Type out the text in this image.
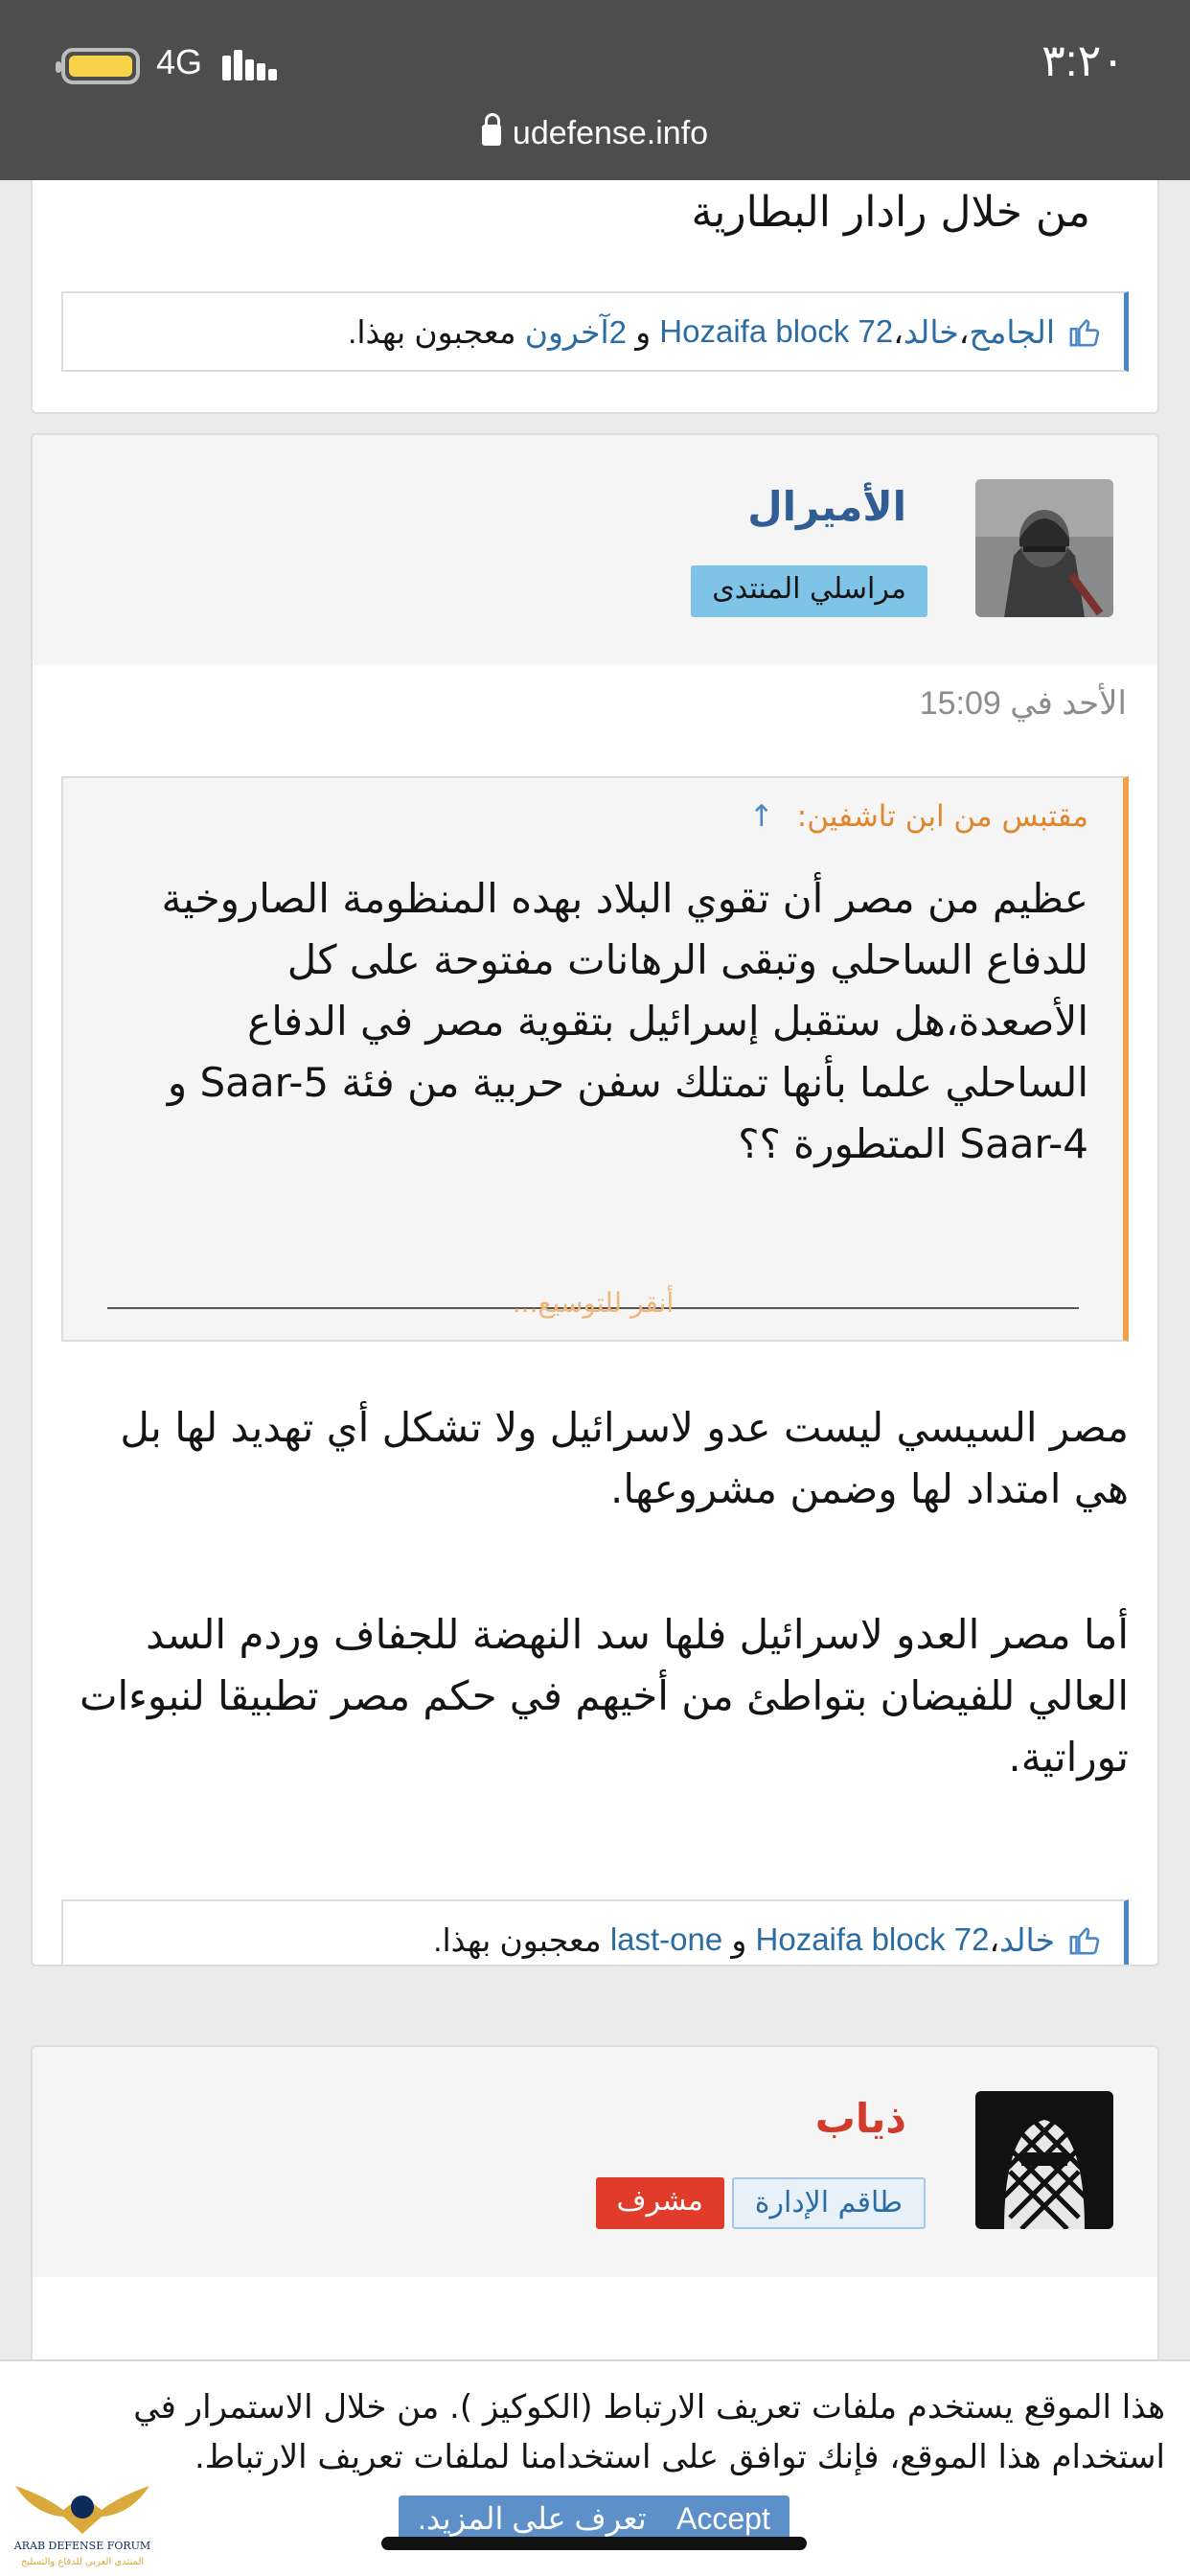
4G	٣:٢٠
udefense.info
من خلال رادار البطارية
الجامح
،
خالد
،
Hozaifa block 72

و

2آخرون

معجبون بهذا.
الأميرال
مراسلي المنتدى
الأحد في 15:09
مقتبس من ابن تاشفين: ↑
عظيم من مصر أن تقوي البلاد بهده المنظومة الصاروخية للدفاع الساحلي وتبقى الرهانات مفتوحة على كل الأصعدة،هل ستقبل إسرائيل بتقوية مصر في الدفاع الساحلي علما بأنها تمتلك سفن حربية من فئة Saar-5 و Saar-4 المتطورة ؟؟
أنقر للتوسيع...
مصر السيسي ليست عدو لاسرائيل ولا تشكل أي تهديد لها بل هي امتداد لها وضمن مشروعها.
أما مصر العدو لاسرائيل فلها سد النهضة للجفاف وردم السد العالي للفيضان بتواطئ من أخيهم في حكم مصر تطبيقا لنبوءات توراتية.
خالد
،
Hozaifa block 72

و

last-one

معجبون بهذا.
ذياب
طاقم الإدارة
مشرف
هذا الموقع يستخدم ملفات تعريف الارتباط (الكوكيز ). من خلال الاستمرار في استخدام هذا الموقع، فإنك توافق على استخدامنا لملفات تعريف الارتباط.
ARAB DEFENSE FORUM
المنتدى العربي للدفاع والتسليح
تعرف على المزيد. Accept
